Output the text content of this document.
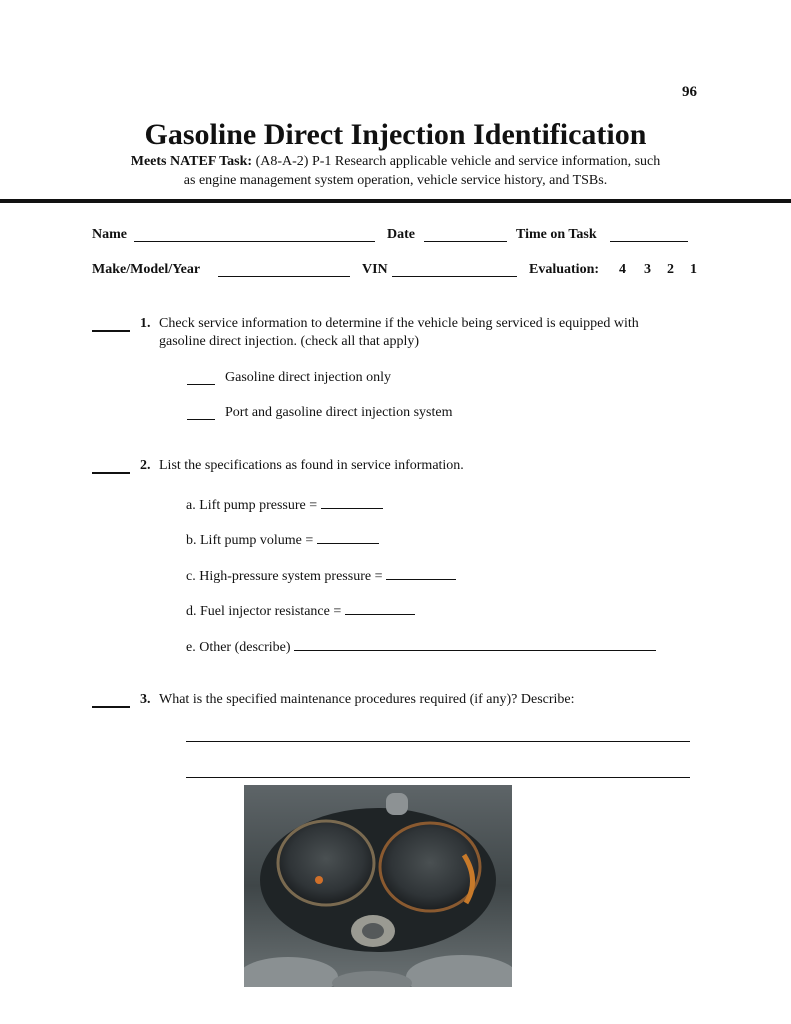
96
Gasoline Direct Injection Identification
Meets NATEF Task: (A8-A-2) P-1 Research applicable vehicle and service information, such
as engine management system operation, vehicle service history, and TSBs.
Name	Date	Time on Task
Make/Model/Year	VIN	Evaluation: 4 3 2 1
1. Check service information to determine if the vehicle being serviced is equipped with
gasoline direct injection. (check all that apply)
Gasoline direct injection only
Port and gasoline direct injection system
2. List the specifications as found in service information.
a. Lift pump pressure =
b. Lift pump volume =
c. High-pressure system pressure =
d. Fuel injector resistance =
e. Other (describe)
3. What is the specified maintenance procedures required (if any)? Describe:
